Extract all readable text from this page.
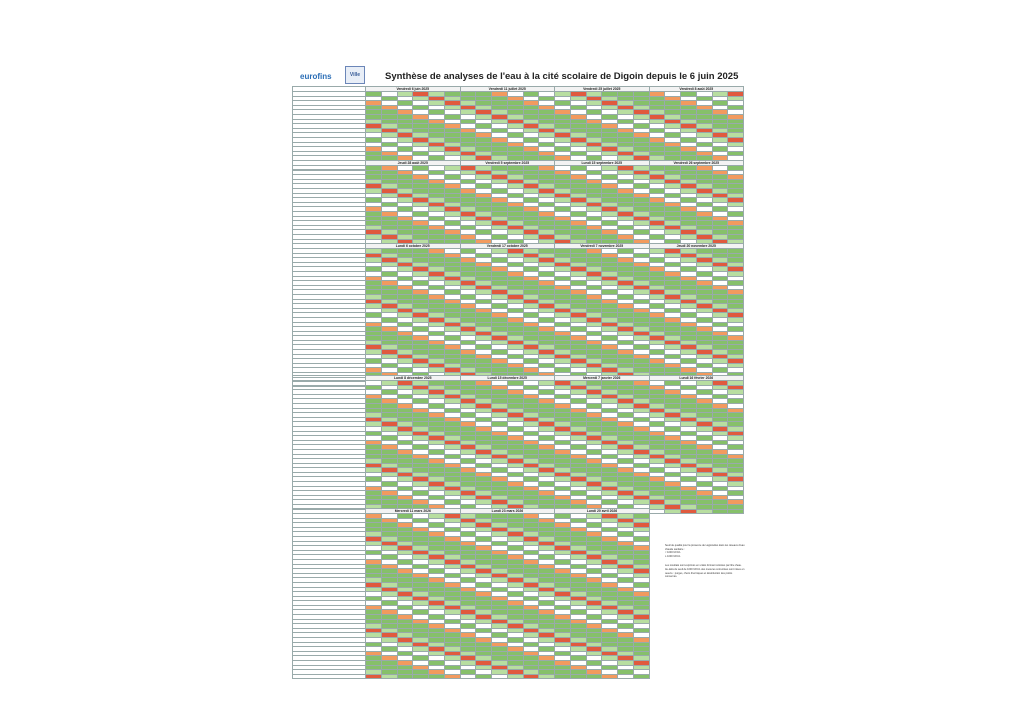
eurofins	Ville	Synthèse de analyses de l'eau à la cité scolaire de Digoin depuis le 6 juin 2025
	Vendredi 6 juin 2025						Vendredi 11 juillet 2025						Vendredi 25 juillet 2025						Vendredi 8 août 2025					

	Jeudi 28 août 2025						Vendredi 5 septembre 2025						Lundi 15 septembre 2025						Vendredi 26 septembre 2025					

	Lundi 6 octobre 2025						Vendredi 17 octobre 2025						Vendredi 7 novembre 2025						Jeudi 20 novembre 2025					

	Lundi 8 décembre 2025						Lundi 15 décembre 2025						Mercredi 7 janvier 2026						Lundi 16 février 2026					

	Mercredi 11 mars 2026						Lundi 23 mars 2026						Lundi 20 avril 2026											

Seuil de qualité pour la présence de Légionelles dans les réseaux d'eau chaude sanitaire :
< 1000 UFC/L
≥ 1000 UFC/L
Les résultats sont exprimés en unités formant colonies par litre d'eau. Au-delà du seuil de 1000 UFC/L des mesures correctives sont mises en oeuvre : purges, chocs thermiques et désinfection des points concernés.
